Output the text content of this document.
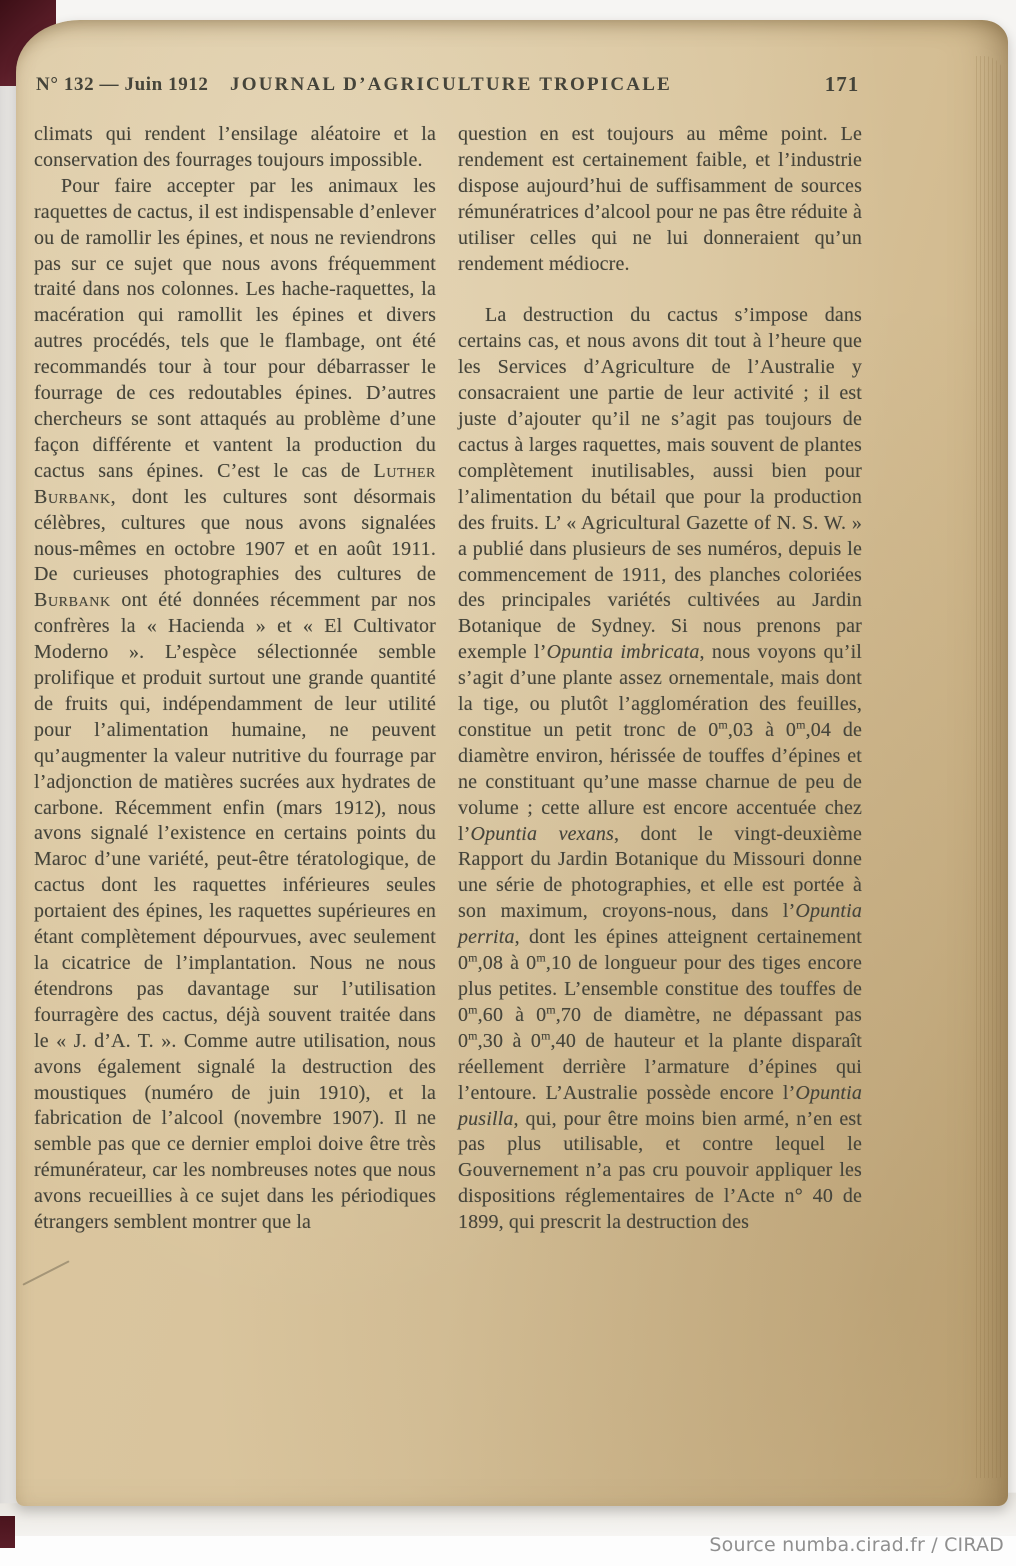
N° 132 — Juin 1912	JOURNAL D’AGRICULTURE TROPICALE	171

climats qui rendent l’ensilage aléatoire et la conservation des fourrages toujours impossible.

Pour faire accepter par les animaux les raquettes de cactus, il est indispensable d’enlever ou de ramollir les épines, et nous ne reviendrons pas sur ce sujet que nous avons fréquemment traité dans nos colonnes. Les hache-raquettes, la macération qui ramollit les épines et divers autres procédés, tels que le flambage, ont été recommandés tour à tour pour débarrasser le fourrage de ces redoutables épines. D’autres chercheurs se sont attaqués au problème d’une façon différente et vantent la production du cactus sans épines. C’est le cas de Luther Burbank, dont les cultures sont désormais célèbres, cultures que nous avons signalées nous-mêmes en octobre 1907 et en août 1911. De curieuses photographies des cultures de Burbank ont été données récemment par nos confrères la « Hacienda » et « El Cultivator Moderno ». L’espèce sélectionnée semble prolifique et produit surtout une grande quantité de fruits qui, indépendamment de leur utilité pour l’alimentation humaine, ne peuvent qu’augmenter la valeur nutritive du fourrage par l’adjonction de matières sucrées aux hydrates de carbone. Récemment enfin (mars 1912), nous avons signalé l’existence en certains points du Maroc d’une variété, peut-être tératologique, de cactus dont les raquettes inférieures seules portaient des épines, les raquettes supérieures en étant complètement dépourvues, avec seulement la cicatrice de l’implantation. Nous ne nous étendrons pas davantage sur l’utilisation fourragère des cactus, déjà souvent traitée dans le « J. d’A. T. ». Comme autre utilisation, nous avons également signalé la destruction des moustiques (numéro de juin 1910), et la fabrication de l’alcool (novembre 1907). Il ne semble pas que ce dernier emploi doive être très rémunérateur, car les nombreuses notes que nous avons recueillies à ce sujet dans les périodiques étrangers semblent montrer que la

question en est toujours au même point. Le rendement est certainement faible, et l’industrie dispose aujourd’hui de suffisamment de sources rémunératrices d’alcool pour ne pas être réduite à utiliser celles qui ne lui donneraient qu’un rendement médiocre.

La destruction du cactus s’impose dans certains cas, et nous avons dit tout à l’heure que les Services d’Agriculture de l’Australie y consacraient une partie de leur activité ; il est juste d’ajouter qu’il ne s’agit pas toujours de cactus à larges raquettes, mais souvent de plantes complètement inutilisables, aussi bien pour l’alimentation du bétail que pour la production des fruits. L’ « Agricultural Gazette of N. S. W. » a publié dans plusieurs de ses numéros, depuis le commencement de 1911, des planches coloriées des principales variétés cultivées au Jardin Botanique de Sydney. Si nous prenons par exemple l’Opuntia imbricata, nous voyons qu’il s’agit d’une plante assez ornementale, mais dont la tige, ou plutôt l’agglomération des feuilles, constitue un petit tronc de 0$^m$,03 à 0$^m$,04 de diamètre environ, hérissée de touffes d’épines et ne constituant qu’une masse charnue de peu de volume ; cette allure est encore accentuée chez l’Opuntia vexans, dont le vingt-deuxième Rapport du Jardin Botanique du Missouri donne une série de photographies, et elle est portée à son maximum, croyons-nous, dans l’Opuntia perrita, dont les épines atteignent certainement 0$^m$,08 à 0$^m$,10 de longueur pour des tiges encore plus petites. L’ensemble constitue des touffes de 0$^m$,60 à 0$^m$,70 de diamètre, ne dépassant pas 0$^m$,30 à 0$^m$,40 de hauteur et la plante disparaît réellement derrière l’armature d’épines qui l’entoure. L’Australie possède encore l’Opuntia pusilla, qui, pour être moins bien armé, n’en est pas plus utilisable, et contre lequel le Gouvernement n’a pas cru pouvoir appliquer les dispositions réglementaires de l’Acte n° 40 de 1899, qui prescrit la destruction des

Source numba.cirad.fr / CIRAD
